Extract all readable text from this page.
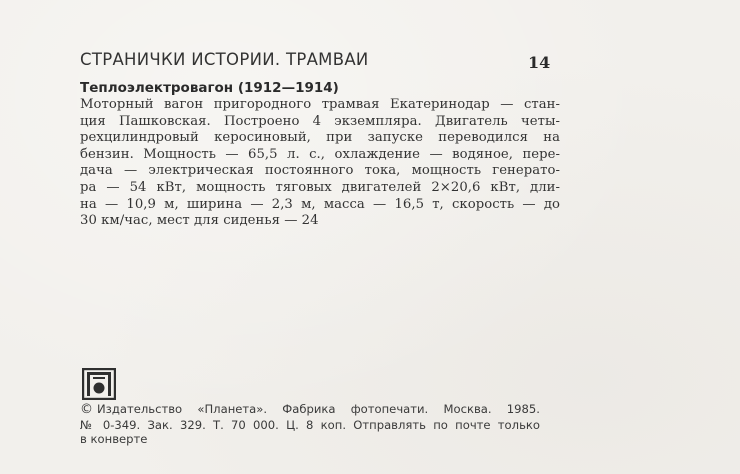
СТРАНИЧКИ ИСТОРИИ. ТРАМВАИ	14
Теплоэлектровагон (1912—1914)
Моторный вагон пригородного трамвая Екатеринодар — стан-
ция Пашковская. Построено 4 экземпляра. Двигатель четы-
рехцилиндровый керосиновый, при запуске переводился на
бензин. Мощность — 65,5 л. с., охлаждение — водяное, пере-
дача — электрическая постоянного тока, мощность генерато-
ра — 54 кВт, мощность тяговых двигателей 2×20,6 кВт, дли-
на — 10,9 м, ширина — 2,3 м, масса — 16,5 т, скорость — до
30 км/час, мест для сиденья — 24
© Издательство «Планета». Фабрика фотопечати. Москва. 1985.
№ 0-349. Зак. 329. Т. 70 000. Ц. 8 коп. Отправлять по почте только
в конверте
